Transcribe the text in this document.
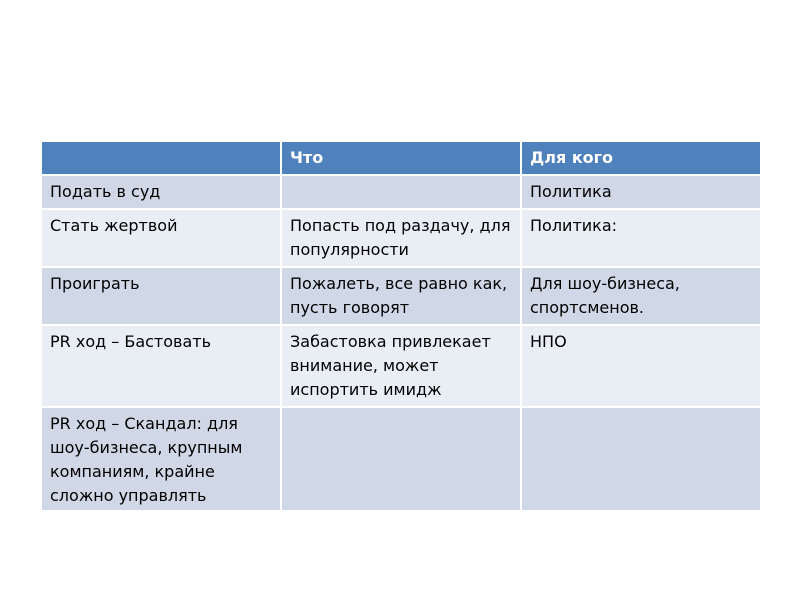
	Что	Для кого
Подать в суд		Политика
Стать жертвой	Попасть под раздачу, для популярности	Политика:
Проиграть	Пожалеть, все равно как, пусть говорят	Для шоу-бизнеса, спортсменов.
PR ход – Бастовать	Забастовка привлекает внимание, может испортить имидж	НПО
PR ход – Скандал: для шоу-бизнеса, крупным компаниям, крайне сложно управлять		
